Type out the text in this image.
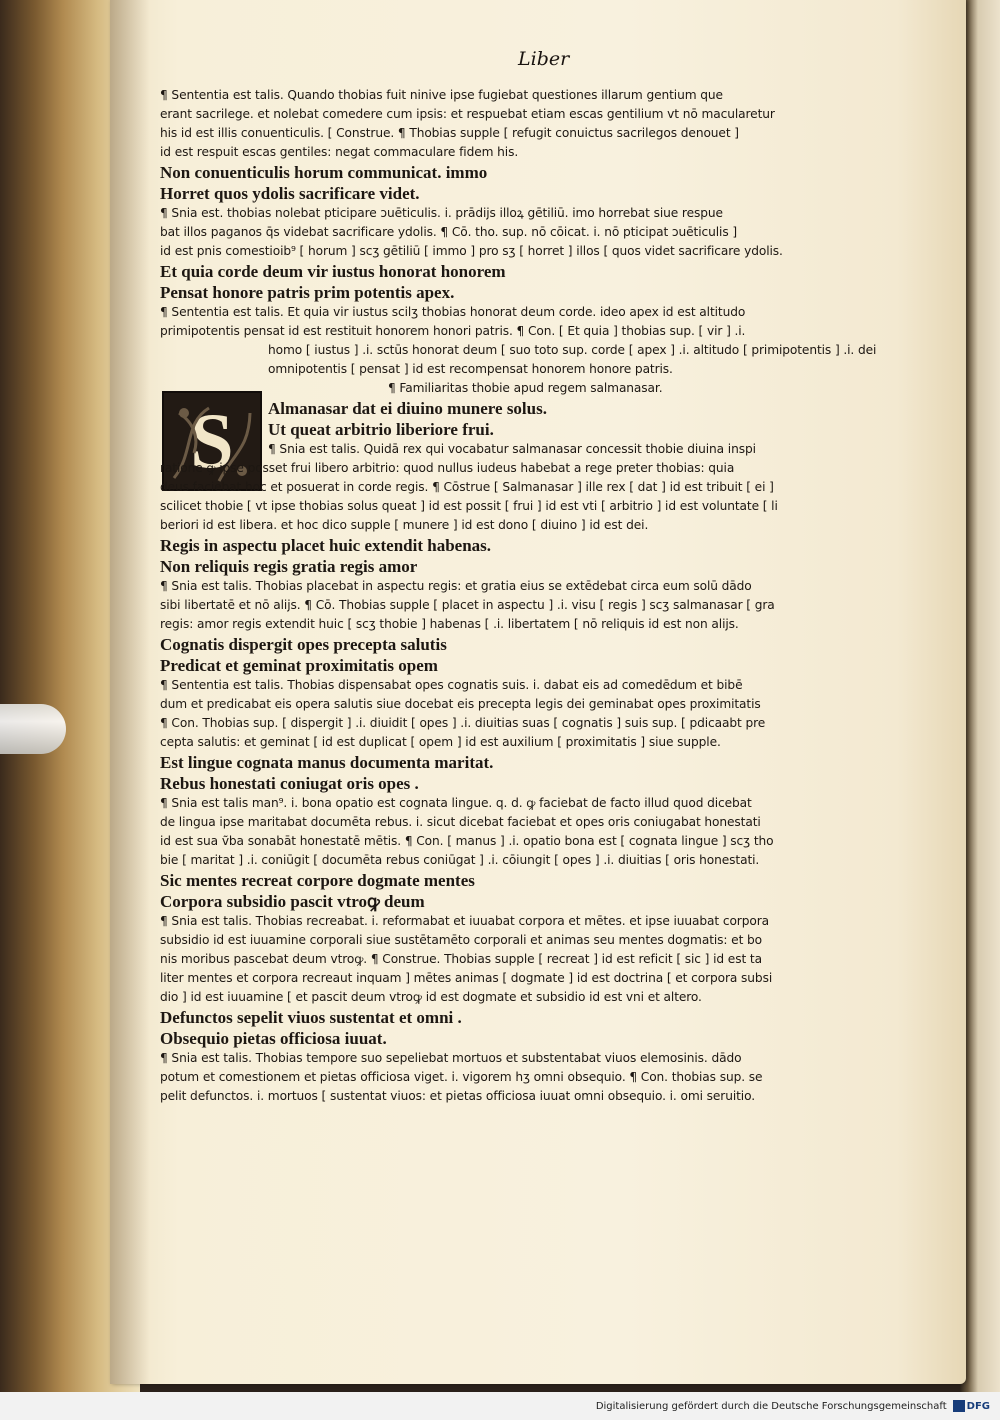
Liber
S
¶ Sententia est talis. Quando thobias fuit ninive ipse fugiebat questiones illarum gentium que
erant sacrilege. et nolebat comedere cum ipsis: et respuebat etiam escas gentilium vt nō macularetur
his id est illis conuenticulis. [ Construe. ¶ Thobias supple [ refugit conuictus sacrilegos denouet ]
id est respuit escas gentiles: negat commaculare fidem his.
Non conuenticulis horum communicat. immo
Horret quos ydolis sacrificare videt.
¶ Snia est. thobias nolebat pticipare ɔuēticulis. i. prādijs illoꝝ gētiliū. imo horrebat siue respue
bat illos paganos q̄s videbat sacrificare ydolis. ¶ Cō. tho. sup. nō cōicat. i. nō pticipat ɔuēticulis ]
id est pnis comestioib⁹ [ horum ] scʒ gētiliū [ immo ] pro sʒ [ horret ] illos [ quos videt sacrificare ydolis.
Et quia corde deum vir iustus honorat honorem
Pensat honore patris prim potentis apex.
¶ Sententia est talis. Et quia vir iustus scilʒ thobias honorat deum corde. ideo apex id est altitudo
primipotentis pensat id est restituit honorem honori patris. ¶ Con. [ Et quia ] thobias sup. [ vir ] .i.
homo [ iustus ] .i. sctūs honorat deum [ suo toto sup. corde [ apex ] .i. altitudo [ primipotentis ] .i. dei
omnipotentis [ pensat ] id est recompensat honorem honore patris.
¶ Familiaritas thobie apud regem salmanasar.
Almanasar dat ei diuino munere solus.
Ut queat arbitrio liberiore frui.
¶ Snia est talis. Quidā rex qui vocabatur salmanasar concessit thobie diuina inspi
ratione ꝙ ipse posset frui libero arbitrio: quod nullus iudeus habebat a rege preter thobias: quia
deus faciebat hoc et posuerat in corde regis. ¶ Cōstrue [ Salmanasar ] ille rex [ dat ] id est tribuit [ ei ]
scilicet thobie [ vt ipse thobias solus queat ] id est possit [ frui ] id est vti [ arbitrio ] id est voluntate [ li
beriori id est libera. et hoc dico supple [ munere ] id est dono [ diuino ] id est dei.
Regis in aspectu placet huic extendit habenas.
Non reliquis regis gratia regis amor
¶ Snia est talis. Thobias placebat in aspectu regis: et gratia eius se extēdebat circa eum solū dādo
sibi libertatē et nō alijs. ¶ Cō. Thobias supple [ placet in aspectu ] .i. visu [ regis ] scʒ salmanasar [ gra
regis: amor regis extendit huic [ scʒ thobie ] habenas [ .i. libertatem [ nō reliquis id est non alijs.
Cognatis dispergit opes precepta salutis
Predicat et geminat proximitatis opem
¶ Sententia est talis. Thobias dispensabat opes cognatis suis. i. dabat eis ad comedēdum et bibē
dum et predicabat eis opera salutis siue docebat eis precepta legis dei geminabat opes proximitatis
¶ Con. Thobias sup. [ dispergit ] .i. diuidit [ opes ] .i. diuitias suas [ cognatis ] suis sup. [ pdicaabt pre
cepta salutis: et geminat [ id est duplicat [ opem ] id est auxilium [ proximitatis ] siue supple.
Est lingue cognata manus documenta maritat.
Rebus honestati coniugat oris opes .
¶ Snia est talis man⁹. i. bona opatio est cognata lingue. q. d. ꝙ faciebat de facto illud quod dicebat
de lingua ipse maritabat documēta rebus. i. sicut dicebat faciebat et opes oris coniugabat honestati
id est sua ṽba sonabāt honestatē mētis. ¶ Con. [ manus ] .i. opatio bona est [ cognata lingue ] scʒ tho
bie [ maritat ] .i. coniūgit [ documēta rebus coniūgat ] .i. cōiungit [ opes ] .i. diuitias [ oris honestati.
Sic mentes recreat corpore dogmate mentes
Corpora subsidio pascit vtroꝙ deum
¶ Snia est talis. Thobias recreabat. i. reformabat et iuuabat corpora et mētes. et ipse iuuabat corpora
subsidio id est iuuamine corporali siue sustētamēto corporali et animas seu mentes dogmatis: et bo
nis moribus pascebat deum vtroꝙ. ¶ Construe. Thobias supple [ recreat ] id est reficit [ sic ] id est ta
liter mentes et corpora recreaut inquam ] mētes animas [ dogmate ] id est doctrina [ et corpora subsi
dio ] id est iuuamine [ et pascit deum vtroꝙ id est dogmate et subsidio id est vni et altero.
Defunctos sepelit viuos sustentat et omni .
Obsequio pietas officiosa iuuat.
¶ Snia est talis. Thobias tempore suo sepeliebat mortuos et substentabat viuos elemosinis. dādo
potum et comestionem et pietas officiosa viget. i. vigorem hʒ omni obsequio. ¶ Con. thobias sup. se
pelit defunctos. i. mortuos [ sustentat viuos: et pietas officiosa iuuat omni obsequio. i. omi seruitio.
Digitalisierung gefördert durch die Deutsche Forschungsgemeinschaft DFG
